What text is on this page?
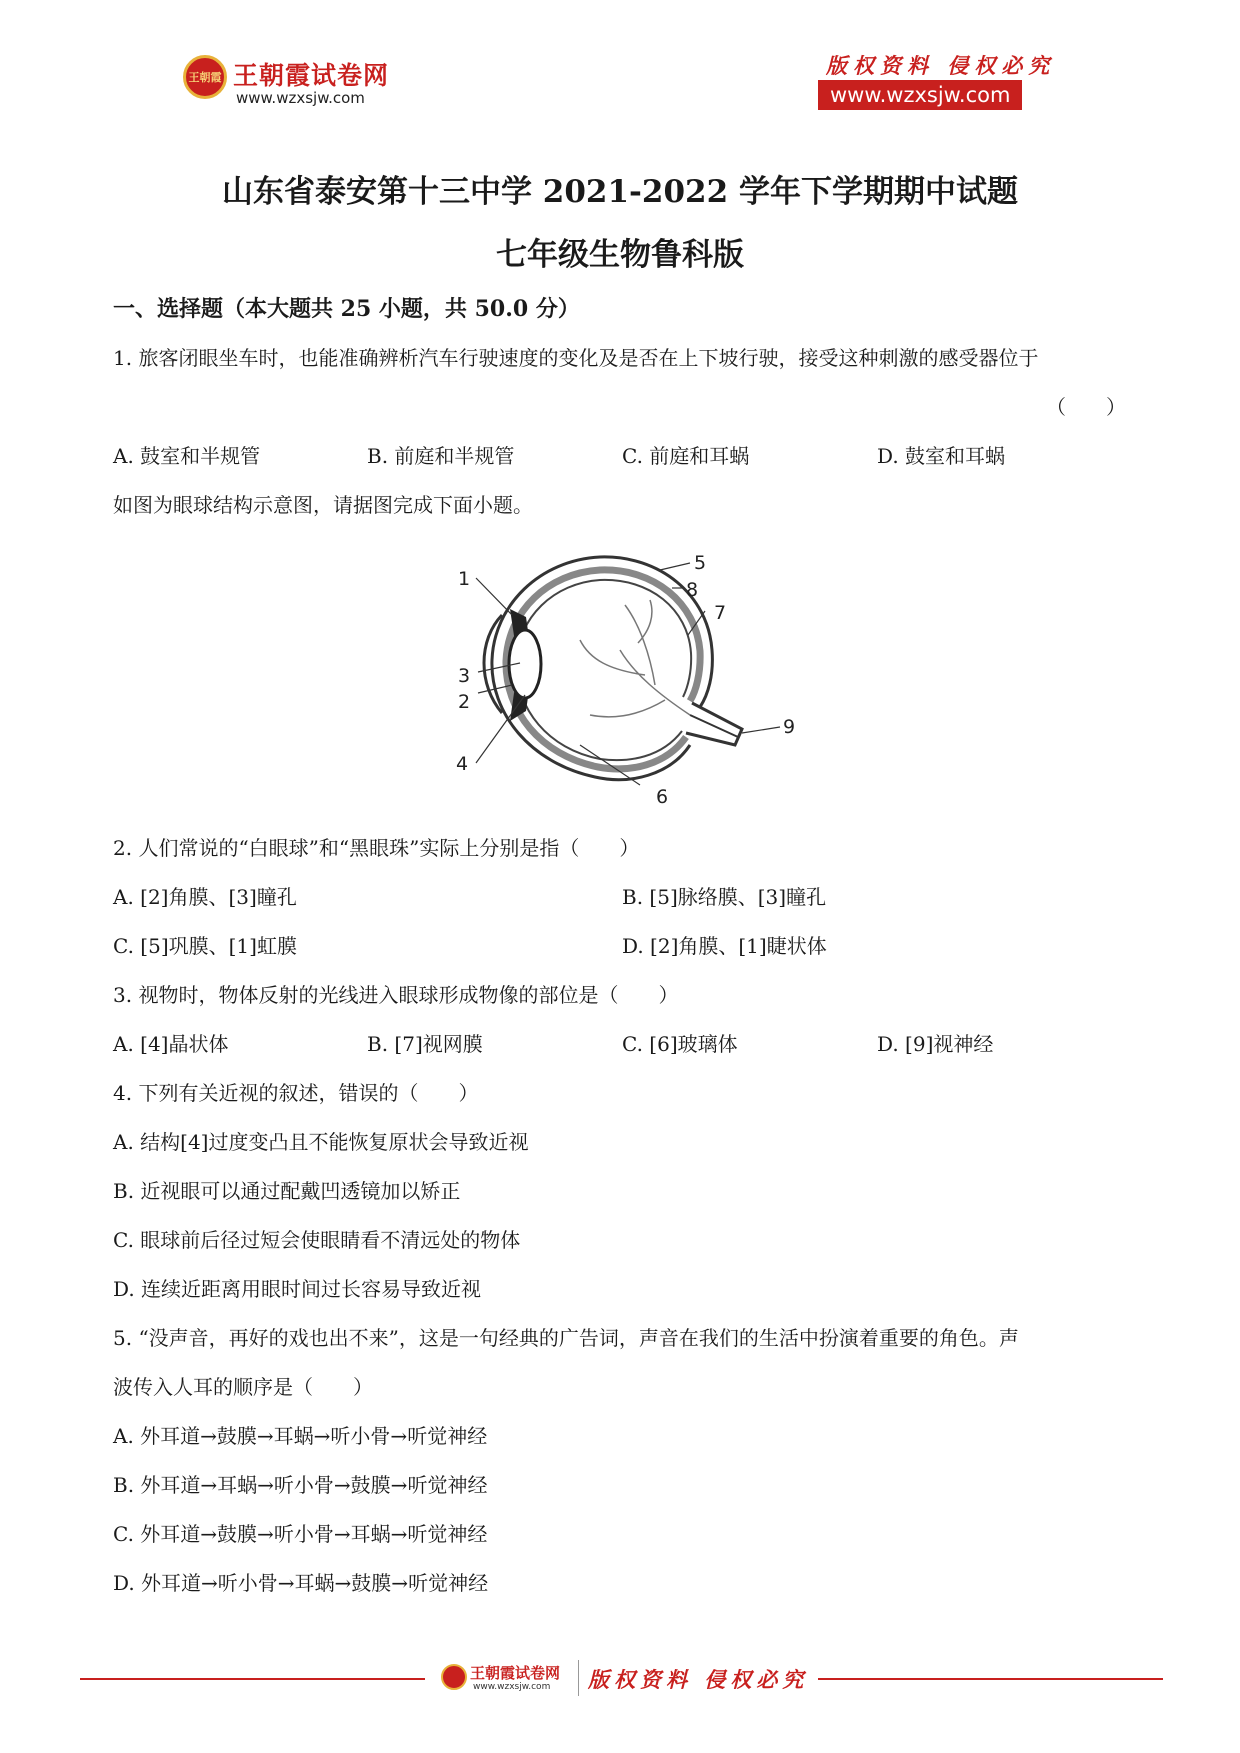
王朝霞 王朝霞试卷网
www.wzxsjw.com
版权资料 侵权必究
www.wzxsjw.com
山东省泰安第十三中学 2021-2022 学年下学期期中试题
七年级生物鲁科版
一、选择题（本大题共 25 小题，共 50.0 分）
1. 旅客闭眼坐车时，也能准确辨析汽车行驶速度的变化及是否在上下坡行驶，接受这种刺激的感受器位于
（　　）
A. 鼓室和半规管	B. 前庭和半规管	C. 前庭和耳蜗	D. 鼓室和耳蜗
如图为眼球结构示意图，请据图完成下面小题。
1
2
3
4
5
6
7
8
9
2. 人们常说的“白眼球”和“黑眼珠”实际上分别是指（　　）
A. [2]角膜、[3]瞳孔	B. [5]脉络膜、[3]瞳孔
C. [5]巩膜、[1]虹膜	D. [2]角膜、[1]睫状体
3. 视物时，物体反射的光线进入眼球形成物像的部位是（　　）
A. [4]晶状体	B. [7]视网膜	C. [6]玻璃体	D. [9]视神经
4. 下列有关近视的叙述，错误的（　　）
A. 结构[4]过度变凸且不能恢复原状会导致近视
B. 近视眼可以通过配戴凹透镜加以矫正
C. 眼球前后径过短会使眼睛看不清远处的物体
D. 连续近距离用眼时间过长容易导致近视
5. “没声音，再好的戏也出不来”，这是一句经典的广告词，声音在我们的生活中扮演着重要的角色。声
波传入人耳的顺序是（　　）
A. 外耳道→鼓膜→耳蜗→听小骨→听觉神经
B. 外耳道→耳蜗→听小骨→鼓膜→听觉神经
C. 外耳道→鼓膜→听小骨→耳蜗→听觉神经
D. 外耳道→听小骨→耳蜗→鼓膜→听觉神经
王朝霞试卷网
www.wzxsjw.com 版权资料 侵权必究
